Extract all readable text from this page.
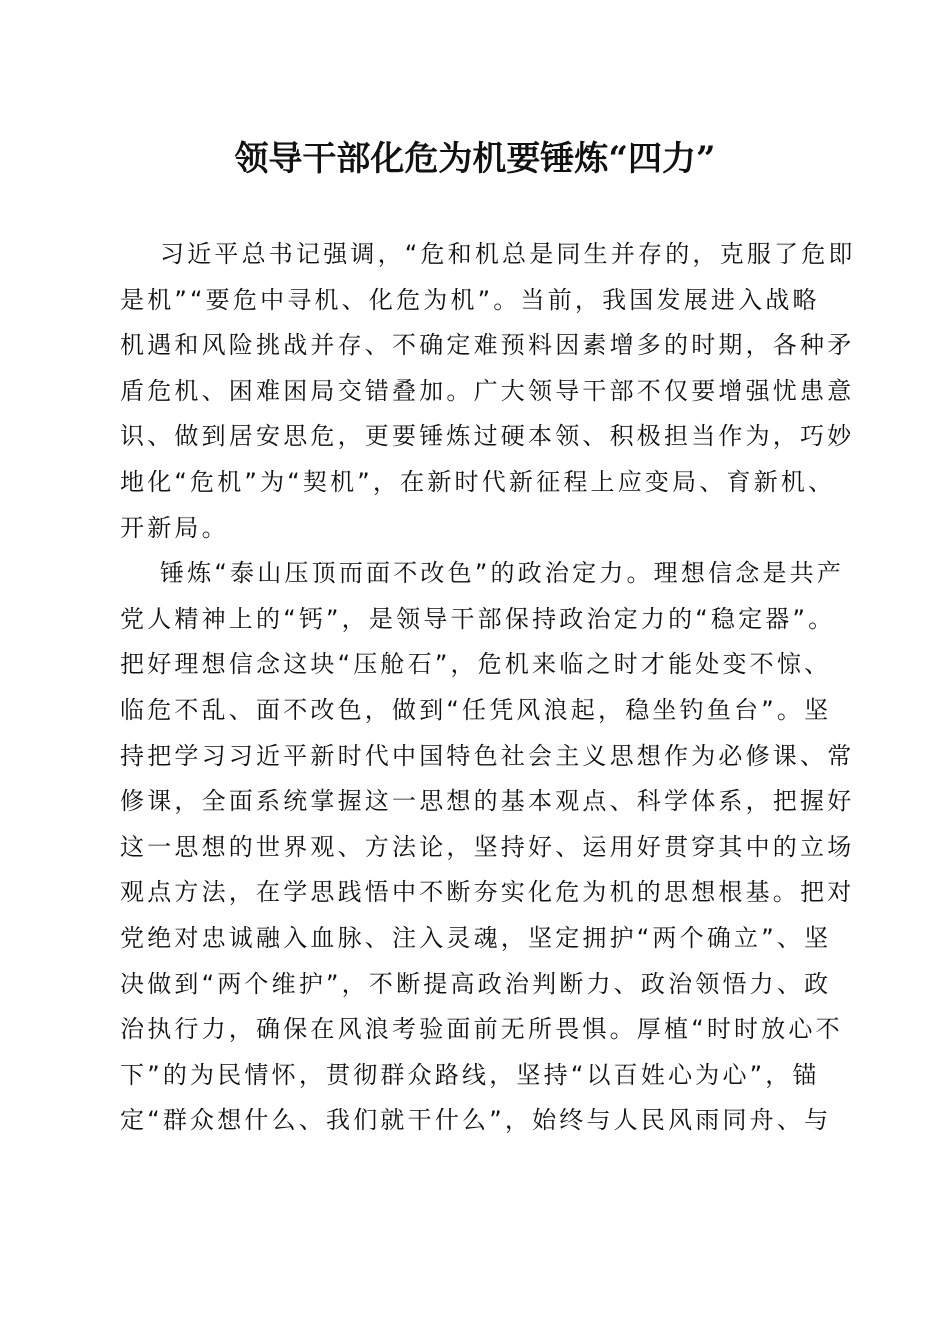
领导干部化危为机要锤炼“四力”
习近平总书记强调，“危和机总是同生并存的，克服了危即
是机”“要危中寻机、化危为机”。当前，我国发展进入战略
机遇和风险挑战并存、不确定难预料因素增多的时期，各种矛
盾危机、困难困局交错叠加。广大领导干部不仅要增强忧患意
识、做到居安思危，更要锤炼过硬本领、积极担当作为，巧妙
地化“危机”为“契机”，在新时代新征程上应变局、育新机、
开新局。
锤炼“泰山压顶而面不改色”的政治定力。理想信念是共产
党人精神上的“钙”，是领导干部保持政治定力的“稳定器”。
把好理想信念这块“压舱石”，危机来临之时才能处变不惊、
临危不乱、面不改色，做到“任凭风浪起，稳坐钓鱼台”。坚
持把学习习近平新时代中国特色社会主义思想作为必修课、常
修课，全面系统掌握这一思想的基本观点、科学体系，把握好
这一思想的世界观、方法论，坚持好、运用好贯穿其中的立场
观点方法，在学思践悟中不断夯实化危为机的思想根基。把对
党绝对忠诚融入血脉、注入灵魂，坚定拥护“两个确立”、坚
决做到“两个维护”，不断提高政治判断力、政治领悟力、政
治执行力，确保在风浪考验面前无所畏惧。厚植“时时放心不
下”的为民情怀，贯彻群众路线，坚持“以百姓心为心”，锚
定“群众想什么、我们就干什么”，始终与人民风雨同舟、与
